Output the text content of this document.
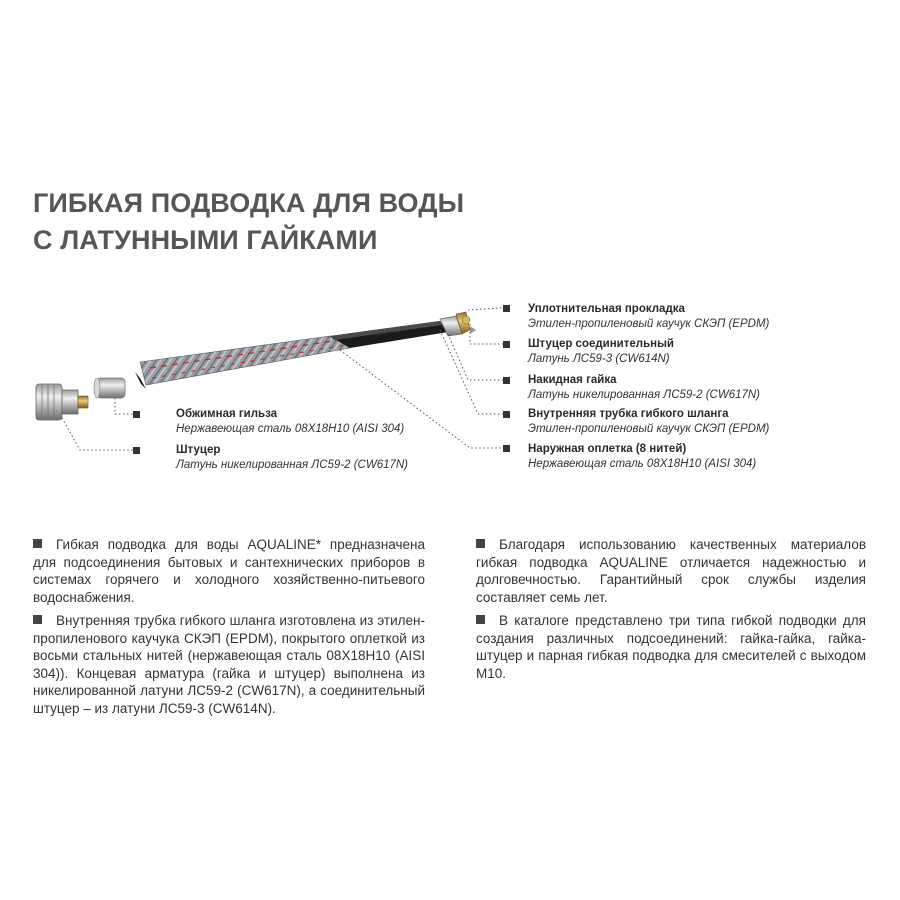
ГИБКАЯ ПОДВОДКА ДЛЯ ВОДЫ
С ЛАТУННЫМИ ГАЙКАМИ
Уплотнительная прокладка
Этилен-пропиленовый каучук СКЭП (EPDM)
Штуцер соединительный
Латунь ЛС59-3 (CW614N)
Накидная гайка
Латунь никелированная ЛС59-2 (CW617N)
Внутренняя трубка гибкого шланга
Этилен-пропиленовый каучук СКЭП (EPDM)
Наружная оплетка (8 нитей)
Нержавеющая сталь 08Х18Н10 (AISI 304)
Обжимная гильза
Нержавеющая сталь 08Х18Н10 (AISI 304)
Штуцер
Латунь никелированная ЛС59-2 (CW617N)

Гибкая подводка для воды AQUALINE* предназначена для подсоединения бытовых и сантехнических приборов в системах горячего и холодного хозяйственно-питьевого водоснабжения.

Внутренняя трубка гибкого шланга изготовлена из этилен-пропиленового каучука СКЭП (EPDM), покрытого оплеткой из восьми стальных нитей (нержавеющая сталь 08Х18Н10 (AISI 304)). Концевая арматура (гайка и штуцер) выполнена из никелированной латуни ЛС59-2 (CW617N), а соединительный штуцер – из латуни ЛС59-3 (CW614N).

Благодаря использованию качественных материалов гибкая подводка AQUALINE отличается надежностью и долговечностью. Гарантийный срок службы изделия составляет семь лет.

В каталоге представлено три типа гибкой подводки для создания различных подсоединений: гайка-гайка, гайка-штуцер и парная гибкая подводка для смесителей с выходом М10.
